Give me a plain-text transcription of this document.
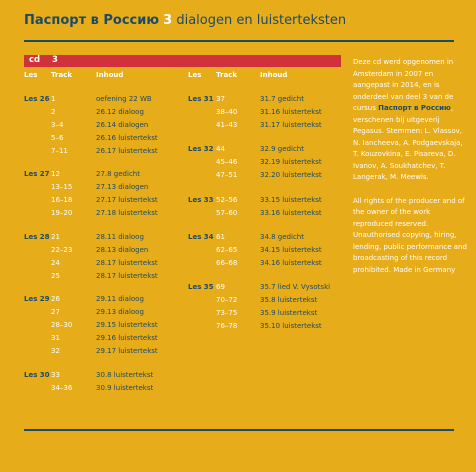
Паспорт в Россию 3 dialogen en luisterteksten
cd 3
Les Track	Inhoud	Les Track	Inhoud
Les 26 1	oefening 22 WB
2	26.12 dialoog
3–4	26.14 dialogen
5–6	26.16 luistertekst
7–11	26.17 luistertekst
Les 27 12	27.8 gedicht
13–15	27.13 dialogen
16–18	27.17 luistertekst
19–20	27.18 luistertekst
Les 28 21	28.11 dialoog
22–23	28.13 dialogen
24	28.17 luistertekst
25	28.17 luistertekst
Les 29 26	29.11 dialoog
27	29.13 dialoog
28–30	29.15 luistertekst
31	29.16 luistertekst
32	29.17 luistertekst
Les 30 33	30.8 luistertekst
34–36	30.9 luistertekst
Les 31 37	31.7 gedicht
38–40	31.16 luistertekst
41–43	31.17 luistertekst
Les 32 44	32.9 gedicht
45–46	32.19 luistertekst
47–51	32.20 luistertekst
Les 33 52–56	33.15 luistertekst
57–60	33.16 luistertekst
Les 34 61	34.8 gedicht
62–65	34.15 luistertekst
66–68	34.16 luistertekst
Les 35 69	35.7 lied V. Vysotski
70–72	35.8 luistertekst
73–75	35.9 luistertekst
76–78	35.10 luistertekst

Deze cd werd opgenomen in Amsterdam in 2007 en aangepast in 2014, en is onderdeel van deel 3 van de cursus Паспорт в Россию, verschenen bij uitgeverij Pegasus. Stemmen: L. Vlassov, N. Iancheeva, A. Podgaevskaja, T. Kouzovkina, E. Pisareva, D. Ivanov, A. Soukhatchev, T. Langerak, M. Meewis.

All rights of the producer and of the owner of the work reproduced reserved. Unauthorised copying, hiring, lending, public performance and broadcasting of this record prohibited. Made in Germany
